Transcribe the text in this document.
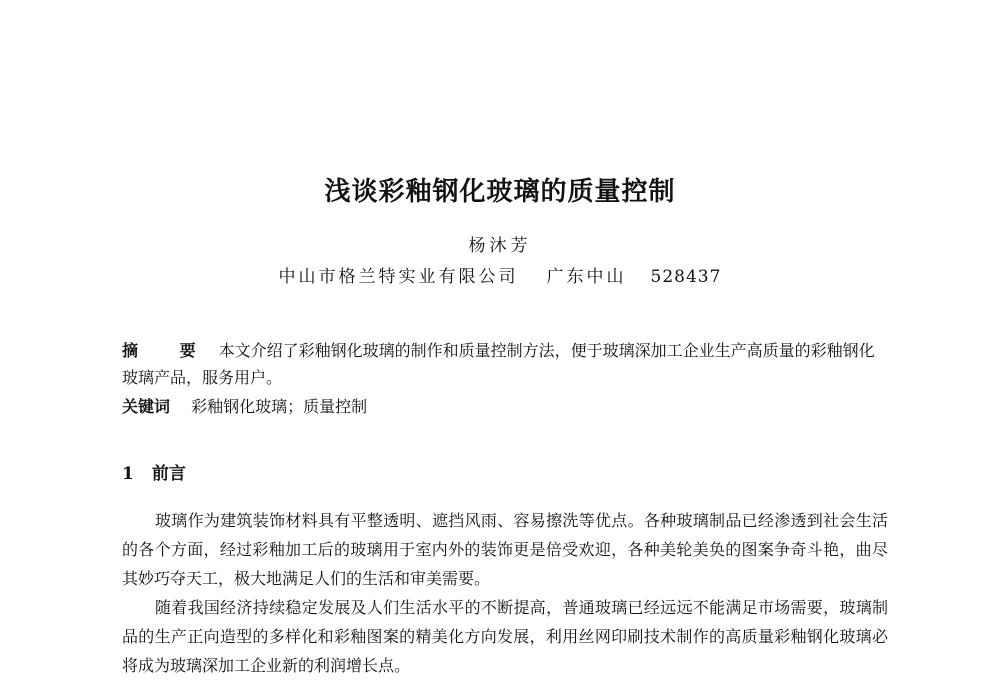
浅谈彩釉钢化玻璃的质量控制
杨沐芳
中山市格兰特实业有限公司 广东中山 528437
摘 要 本文介绍了彩釉钢化玻璃的制作和质量控制方法，便于玻璃深加工企业生产高质量的彩釉钢化玻璃产品，服务用户。
关键词 彩釉钢化玻璃；质量控制
1 前言
玻璃作为建筑装饰材料具有平整透明、遮挡风雨、容易擦洗等优点。各种玻璃制品已经渗透到社会生活的各个方面，经过彩釉加工后的玻璃用于室内外的装饰更是倍受欢迎，各种美轮美奂的图案争奇斗艳，曲尽其妙巧夺天工，极大地满足人们的生活和审美需要。
随着我国经济持续稳定发展及人们生活水平的不断提高，普通玻璃已经远远不能满足市场需要，玻璃制品的生产正向造型的多样化和彩釉图案的精美化方向发展，利用丝网印刷技术制作的高质量彩釉钢化玻璃必将成为玻璃深加工企业新的利润增长点。
